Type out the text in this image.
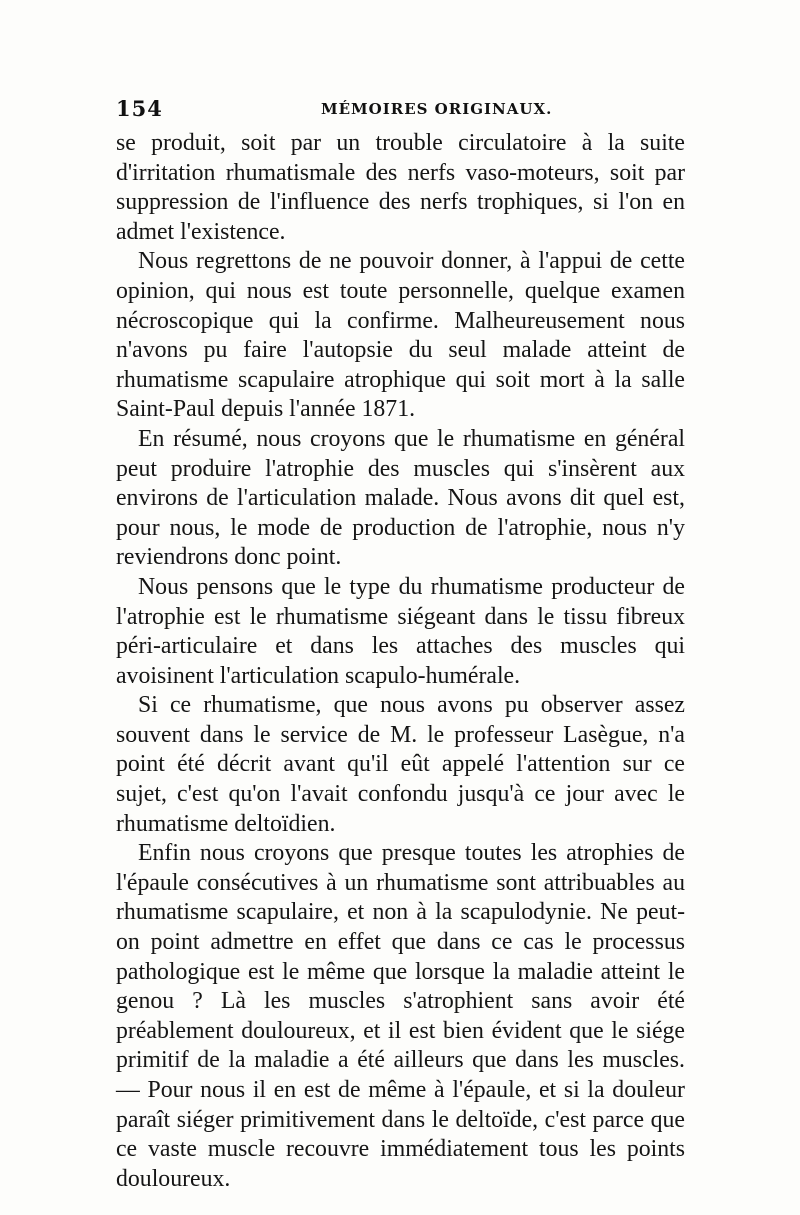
154	MÉMOIRES ORIGINAUX.

se produit, soit par un trouble circulatoire à la suite d'irritation rhumatismale des nerfs vaso-moteurs, soit par suppression de l'influence des nerfs trophiques, si l'on en admet l'existence.

Nous regrettons de ne pouvoir donner, à l'appui de cette opinion, qui nous est toute personnelle, quelque examen nécroscopique qui la confirme. Malheureusement nous n'avons pu faire l'autopsie du seul malade atteint de rhumatisme scapulaire atrophique qui soit mort à la salle Saint-Paul depuis l'année 1871.

En résumé, nous croyons que le rhumatisme en général peut produire l'atrophie des muscles qui s'insèrent aux environs de l'articulation malade. Nous avons dit quel est, pour nous, le mode de production de l'atrophie, nous n'y reviendrons donc point.

Nous pensons que le type du rhumatisme producteur de l'atrophie est le rhumatisme siégeant dans le tissu fibreux péri-articulaire et dans les attaches des muscles qui avoisinent l'articulation scapulo-humérale.

Si ce rhumatisme, que nous avons pu observer assez souvent dans le service de M. le professeur Lasègue, n'a point été décrit avant qu'il eût appelé l'attention sur ce sujet, c'est qu'on l'avait confondu jusqu'à ce jour avec le rhumatisme deltoïdien.

Enfin nous croyons que presque toutes les atrophies de l'épaule consécutives à un rhumatisme sont attribuables au rhumatisme scapulaire, et non à la scapulodynie. Ne peut-on point admettre en effet que dans ce cas le processus pathologique est le même que lorsque la maladie atteint le genou ? Là les muscles s'atrophient sans avoir été préablement douloureux, et il est bien évident que le siége primitif de la maladie a été ailleurs que dans les muscles. — Pour nous il en est de même à l'épaule, et si la douleur paraît siéger primitivement dans le deltoïde, c'est parce que ce vaste muscle recouvre immédiatement tous les points douloureux.
